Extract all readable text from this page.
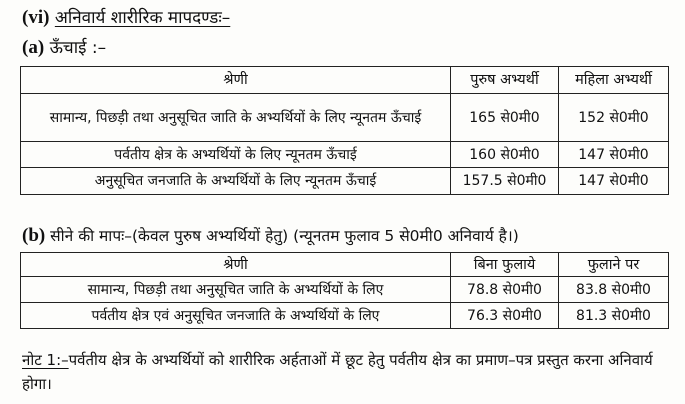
(vi) अनिवार्य शारीरिक मापदण्डः–
(a) ऊँचाई :–
श्रेणी	पुरुष अभ्यर्थी	महिला अभ्यर्थी
सामान्य, पिछड़ी तथा अनुसूचित जाति के अभ्यर्थियों के लिए न्यूनतम ऊँचाई	165 से0मी0	152 से0मी0
पर्वतीय क्षेत्र के अभ्यर्थियों के लिए न्यूनतम ऊँचाई	160 से0मी0	147 से0मी0
अनुसूचित जनजाति के अभ्यर्थियों के लिए न्यूनतम ऊँचाई	157.5 से0मी0	147 से0मी0
(b) सीने की मापः–(केवल पुरुष अभ्यर्थियों हेतु) (न्यूनतम फुलाव 5 से0मी0 अनिवार्य है।)
श्रेणी	बिना फुलाये	फुलाने पर
सामान्य, पिछड़ी तथा अनुसूचित जाति के अभ्यर्थियों के लिए	78.8 से0मी0	83.8 से0मी0
पर्वतीय क्षेत्र एवं अनुसूचित जनजाति के अभ्यर्थियों के लिए	76.3 से0मी0	81.3 से0मी0
नोट 1:–पर्वतीय क्षेत्र के अभ्यर्थियों को शारीरिक अर्हताओं में छूट हेतु पर्वतीय क्षेत्र का प्रमाण–पत्र प्रस्तुत करना अनिवार्य होगा।
